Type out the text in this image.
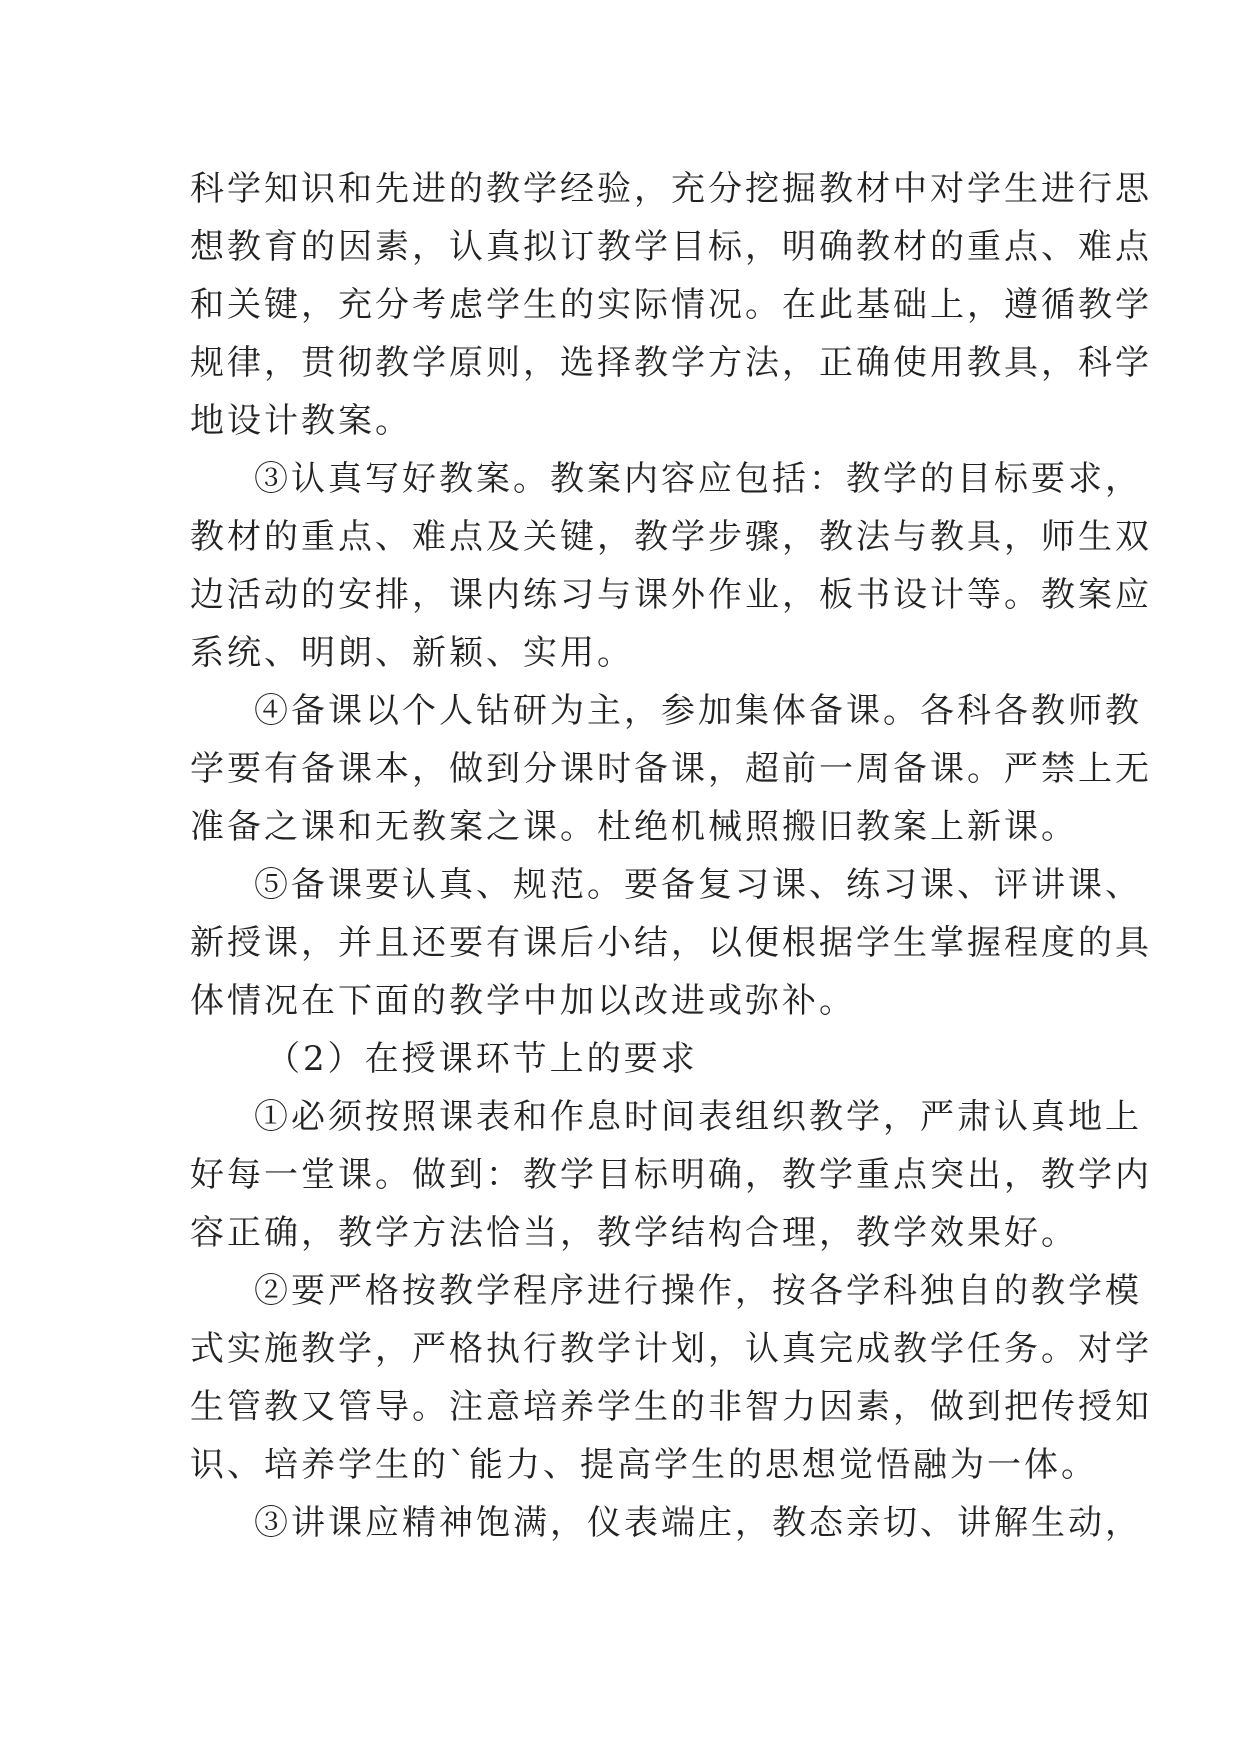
科学知识和先进的教学经验，充分挖掘教材中对学生进行思
想教育的因素，认真拟订教学目标，明确教材的重点、难点
和关键，充分考虑学生的实际情况。在此基础上，遵循教学
规律，贯彻教学原则，选择教学方法，正确使用教具，科学
地设计教案。
③认真写好教案。教案内容应包括：教学的目标要求，
教材的重点、难点及关键，教学步骤，教法与教具，师生双
边活动的安排，课内练习与课外作业，板书设计等。教案应
系统、明朗、新颖、实用。
④备课以个人钻研为主，参加集体备课。各科各教师教
学要有备课本，做到分课时备课，超前一周备课。严禁上无
准备之课和无教案之课。杜绝机械照搬旧教案上新课。
⑤备课要认真、规范。要备复习课、练习课、评讲课、
新授课，并且还要有课后小结，以便根据学生掌握程度的具
体情况在下面的教学中加以改进或弥补。
（2）在授课环节上的要求
①必须按照课表和作息时间表组织教学，严肃认真地上
好每一堂课。做到：教学目标明确，教学重点突出，教学内
容正确，教学方法恰当，教学结构合理，教学效果好。
②要严格按教学程序进行操作，按各学科独自的教学模
式实施教学，严格执行教学计划，认真完成教学任务。对学
生管教又管导。注意培养学生的非智力因素，做到把传授知
识、培养学生的`能力、提高学生的思想觉悟融为一体。
③讲课应精神饱满，仪表端庄，教态亲切、讲解生动，
